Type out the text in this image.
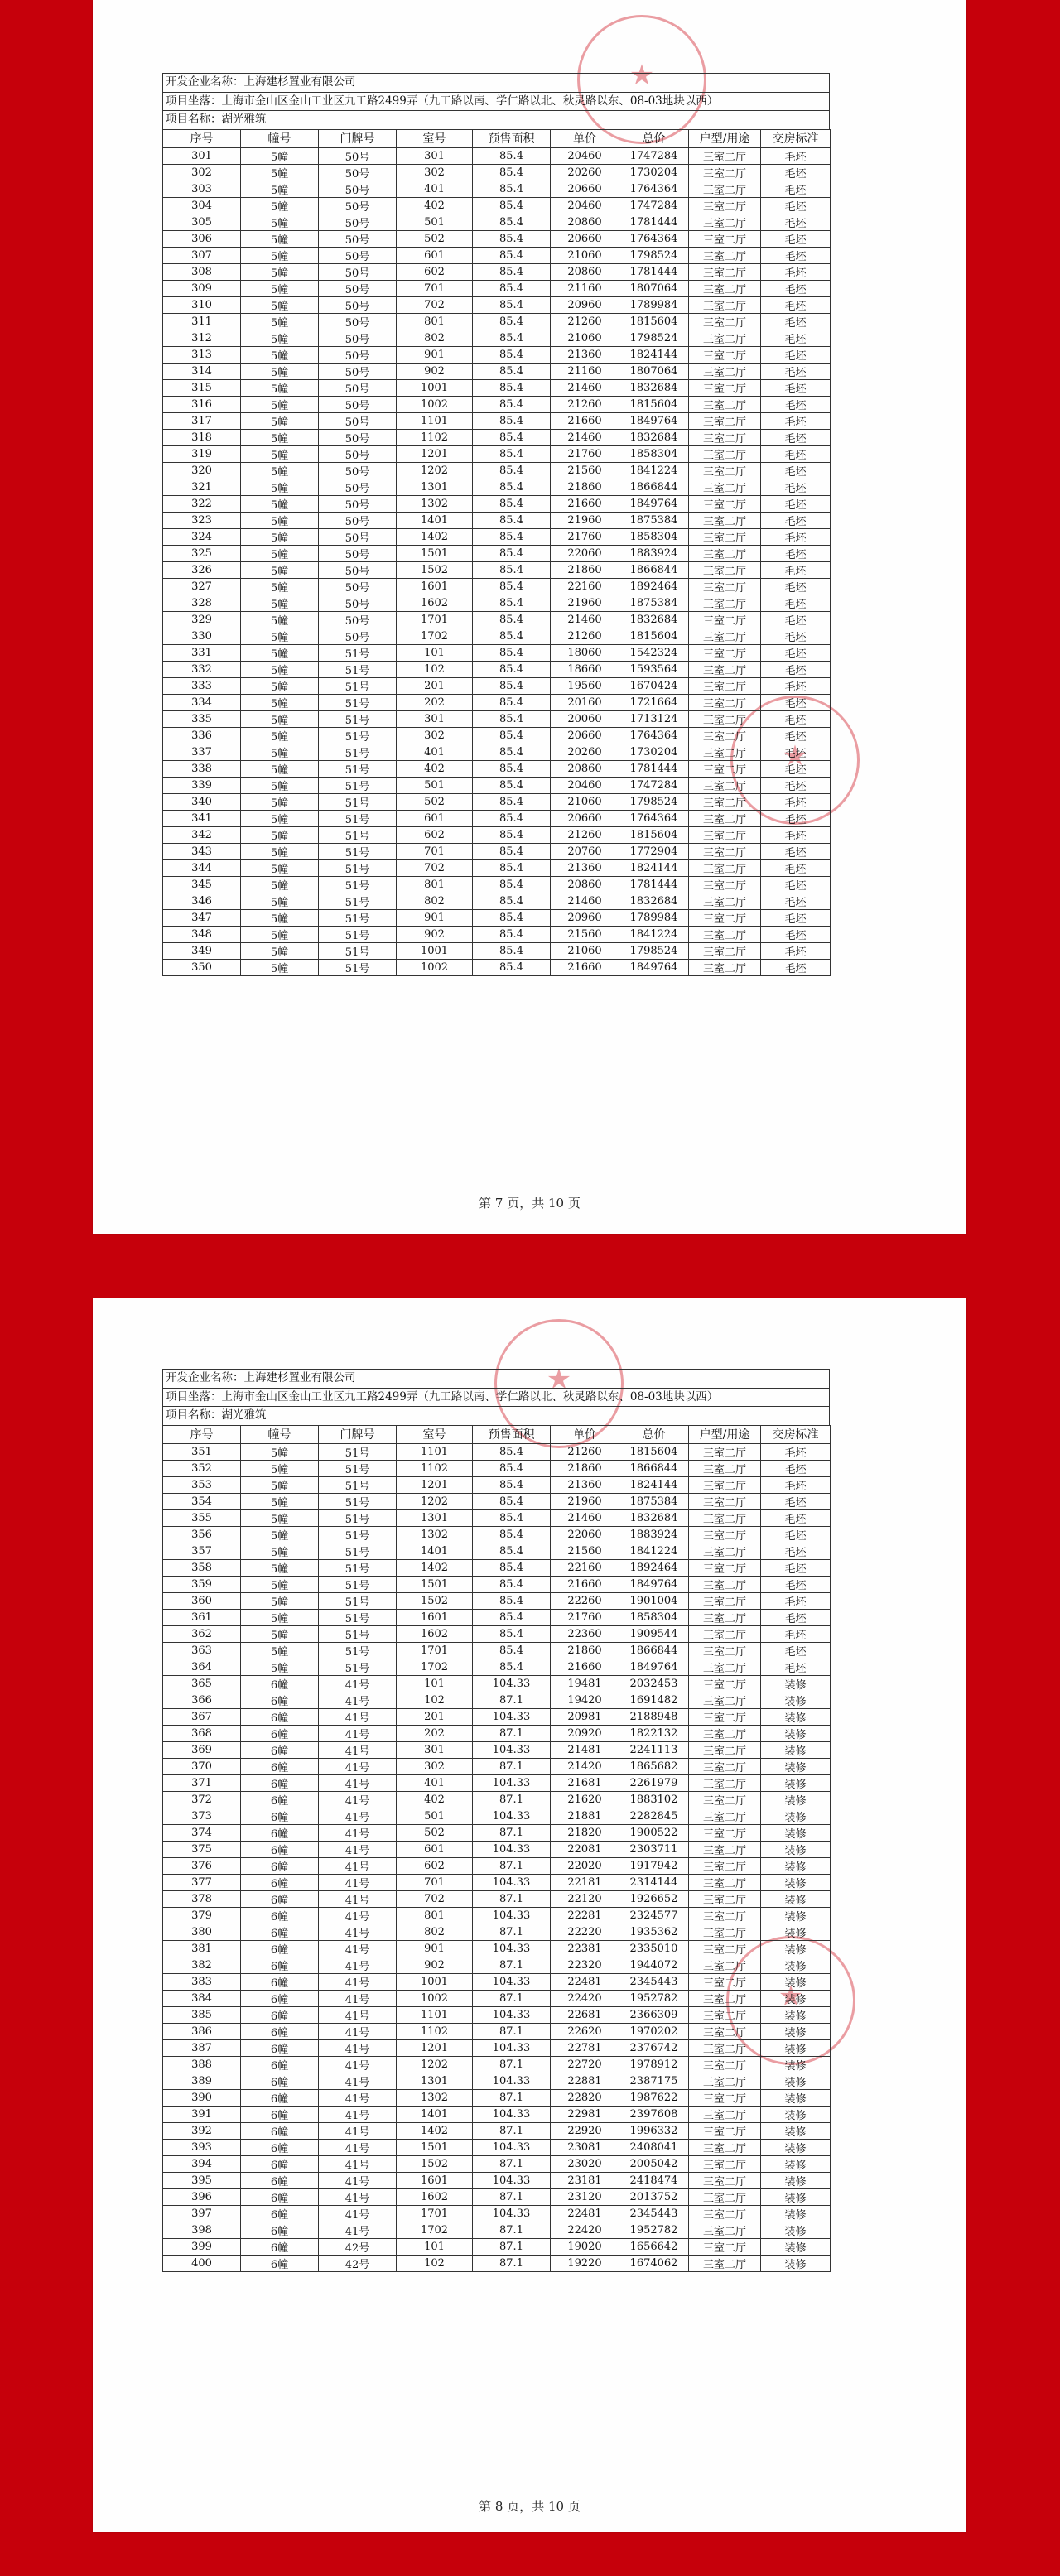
★
★
开发企业名称：上海建杉置业有限公司
项目坐落：上海市金山区金山工业区九工路2499弄（九工路以南、学仁路以北、秋灵路以东、08-03地块以西）
项目名称：湖光雅筑
序号	幢号	门牌号	室号	预售面积	单价	总价	户型/用途	交房标准
301	5幢	50号	301	85.4	20460	1747284	三室二厅	毛坯
302	5幢	50号	302	85.4	20260	1730204	三室二厅	毛坯
303	5幢	50号	401	85.4	20660	1764364	三室二厅	毛坯
304	5幢	50号	402	85.4	20460	1747284	三室二厅	毛坯
305	5幢	50号	501	85.4	20860	1781444	三室二厅	毛坯
306	5幢	50号	502	85.4	20660	1764364	三室二厅	毛坯
307	5幢	50号	601	85.4	21060	1798524	三室二厅	毛坯
308	5幢	50号	602	85.4	20860	1781444	三室二厅	毛坯
309	5幢	50号	701	85.4	21160	1807064	三室二厅	毛坯
310	5幢	50号	702	85.4	20960	1789984	三室二厅	毛坯
311	5幢	50号	801	85.4	21260	1815604	三室二厅	毛坯
312	5幢	50号	802	85.4	21060	1798524	三室二厅	毛坯
313	5幢	50号	901	85.4	21360	1824144	三室二厅	毛坯
314	5幢	50号	902	85.4	21160	1807064	三室二厅	毛坯
315	5幢	50号	1001	85.4	21460	1832684	三室二厅	毛坯
316	5幢	50号	1002	85.4	21260	1815604	三室二厅	毛坯
317	5幢	50号	1101	85.4	21660	1849764	三室二厅	毛坯
318	5幢	50号	1102	85.4	21460	1832684	三室二厅	毛坯
319	5幢	50号	1201	85.4	21760	1858304	三室二厅	毛坯
320	5幢	50号	1202	85.4	21560	1841224	三室二厅	毛坯
321	5幢	50号	1301	85.4	21860	1866844	三室二厅	毛坯
322	5幢	50号	1302	85.4	21660	1849764	三室二厅	毛坯
323	5幢	50号	1401	85.4	21960	1875384	三室二厅	毛坯
324	5幢	50号	1402	85.4	21760	1858304	三室二厅	毛坯
325	5幢	50号	1501	85.4	22060	1883924	三室二厅	毛坯
326	5幢	50号	1502	85.4	21860	1866844	三室二厅	毛坯
327	5幢	50号	1601	85.4	22160	1892464	三室二厅	毛坯
328	5幢	50号	1602	85.4	21960	1875384	三室二厅	毛坯
329	5幢	50号	1701	85.4	21460	1832684	三室二厅	毛坯
330	5幢	50号	1702	85.4	21260	1815604	三室二厅	毛坯
331	5幢	51号	101	85.4	18060	1542324	三室二厅	毛坯
332	5幢	51号	102	85.4	18660	1593564	三室二厅	毛坯
333	5幢	51号	201	85.4	19560	1670424	三室二厅	毛坯
334	5幢	51号	202	85.4	20160	1721664	三室二厅	毛坯
335	5幢	51号	301	85.4	20060	1713124	三室二厅	毛坯
336	5幢	51号	302	85.4	20660	1764364	三室二厅	毛坯
337	5幢	51号	401	85.4	20260	1730204	三室二厅	毛坯
338	5幢	51号	402	85.4	20860	1781444	三室二厅	毛坯
339	5幢	51号	501	85.4	20460	1747284	三室二厅	毛坯
340	5幢	51号	502	85.4	21060	1798524	三室二厅	毛坯
341	5幢	51号	601	85.4	20660	1764364	三室二厅	毛坯
342	5幢	51号	602	85.4	21260	1815604	三室二厅	毛坯
343	5幢	51号	701	85.4	20760	1772904	三室二厅	毛坯
344	5幢	51号	702	85.4	21360	1824144	三室二厅	毛坯
345	5幢	51号	801	85.4	20860	1781444	三室二厅	毛坯
346	5幢	51号	802	85.4	21460	1832684	三室二厅	毛坯
347	5幢	51号	901	85.4	20960	1789984	三室二厅	毛坯
348	5幢	51号	902	85.4	21560	1841224	三室二厅	毛坯
349	5幢	51号	1001	85.4	21060	1798524	三室二厅	毛坯
350	5幢	51号	1002	85.4	21660	1849764	三室二厅	毛坯
第 7 页，共 10 页
★
★
开发企业名称：上海建杉置业有限公司
项目坐落：上海市金山区金山工业区九工路2499弄（九工路以南、学仁路以北、秋灵路以东、08-03地块以西）
项目名称：湖光雅筑
序号	幢号	门牌号	室号	预售面积	单价	总价	户型/用途	交房标准
351	5幢	51号	1101	85.4	21260	1815604	三室二厅	毛坯
352	5幢	51号	1102	85.4	21860	1866844	三室二厅	毛坯
353	5幢	51号	1201	85.4	21360	1824144	三室二厅	毛坯
354	5幢	51号	1202	85.4	21960	1875384	三室二厅	毛坯
355	5幢	51号	1301	85.4	21460	1832684	三室二厅	毛坯
356	5幢	51号	1302	85.4	22060	1883924	三室二厅	毛坯
357	5幢	51号	1401	85.4	21560	1841224	三室二厅	毛坯
358	5幢	51号	1402	85.4	22160	1892464	三室二厅	毛坯
359	5幢	51号	1501	85.4	21660	1849764	三室二厅	毛坯
360	5幢	51号	1502	85.4	22260	1901004	三室二厅	毛坯
361	5幢	51号	1601	85.4	21760	1858304	三室二厅	毛坯
362	5幢	51号	1602	85.4	22360	1909544	三室二厅	毛坯
363	5幢	51号	1701	85.4	21860	1866844	三室二厅	毛坯
364	5幢	51号	1702	85.4	21660	1849764	三室二厅	毛坯
365	6幢	41号	101	104.33	19481	2032453	三室二厅	装修
366	6幢	41号	102	87.1	19420	1691482	三室二厅	装修
367	6幢	41号	201	104.33	20981	2188948	三室二厅	装修
368	6幢	41号	202	87.1	20920	1822132	三室二厅	装修
369	6幢	41号	301	104.33	21481	2241113	三室二厅	装修
370	6幢	41号	302	87.1	21420	1865682	三室二厅	装修
371	6幢	41号	401	104.33	21681	2261979	三室二厅	装修
372	6幢	41号	402	87.1	21620	1883102	三室二厅	装修
373	6幢	41号	501	104.33	21881	2282845	三室二厅	装修
374	6幢	41号	502	87.1	21820	1900522	三室二厅	装修
375	6幢	41号	601	104.33	22081	2303711	三室二厅	装修
376	6幢	41号	602	87.1	22020	1917942	三室二厅	装修
377	6幢	41号	701	104.33	22181	2314144	三室二厅	装修
378	6幢	41号	702	87.1	22120	1926652	三室二厅	装修
379	6幢	41号	801	104.33	22281	2324577	三室二厅	装修
380	6幢	41号	802	87.1	22220	1935362	三室二厅	装修
381	6幢	41号	901	104.33	22381	2335010	三室二厅	装修
382	6幢	41号	902	87.1	22320	1944072	三室二厅	装修
383	6幢	41号	1001	104.33	22481	2345443	三室二厅	装修
384	6幢	41号	1002	87.1	22420	1952782	三室二厅	装修
385	6幢	41号	1101	104.33	22681	2366309	三室二厅	装修
386	6幢	41号	1102	87.1	22620	1970202	三室二厅	装修
387	6幢	41号	1201	104.33	22781	2376742	三室二厅	装修
388	6幢	41号	1202	87.1	22720	1978912	三室二厅	装修
389	6幢	41号	1301	104.33	22881	2387175	三室二厅	装修
390	6幢	41号	1302	87.1	22820	1987622	三室二厅	装修
391	6幢	41号	1401	104.33	22981	2397608	三室二厅	装修
392	6幢	41号	1402	87.1	22920	1996332	三室二厅	装修
393	6幢	41号	1501	104.33	23081	2408041	三室二厅	装修
394	6幢	41号	1502	87.1	23020	2005042	三室二厅	装修
395	6幢	41号	1601	104.33	23181	2418474	三室二厅	装修
396	6幢	41号	1602	87.1	23120	2013752	三室二厅	装修
397	6幢	41号	1701	104.33	22481	2345443	三室二厅	装修
398	6幢	41号	1702	87.1	22420	1952782	三室二厅	装修
399	6幢	42号	101	87.1	19020	1656642	三室二厅	装修
400	6幢	42号	102	87.1	19220	1674062	三室二厅	装修
第 8 页，共 10 页
